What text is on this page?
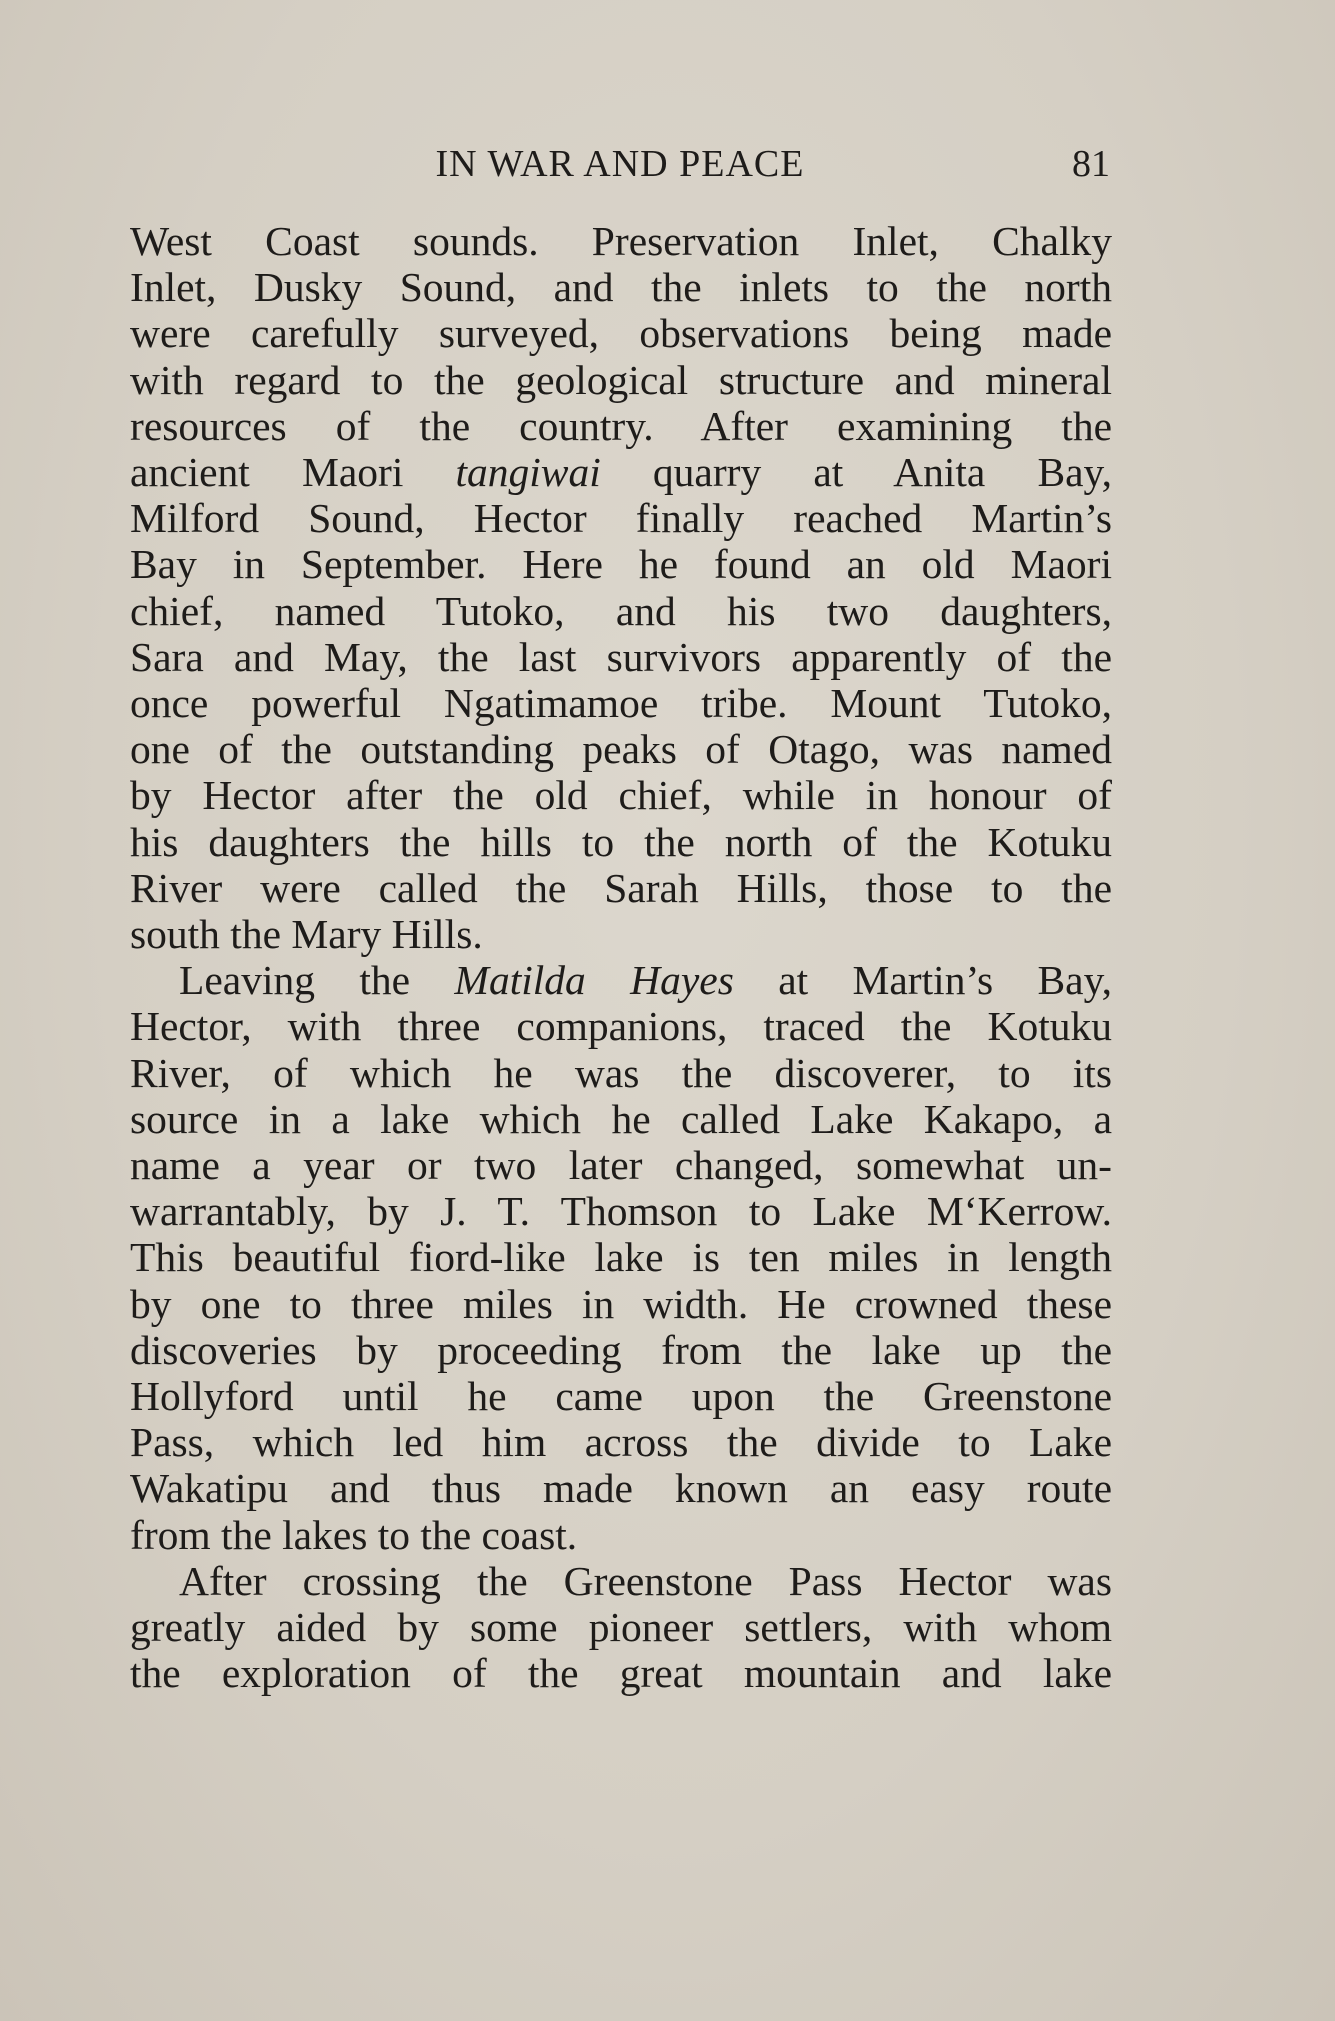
IN WAR AND PEACE	81
West Coast sounds. Preservation Inlet, Chalky
Inlet, Dusky Sound, and the inlets to the north
were carefully surveyed, observations being made
with regard to the geological structure and mineral
resources of the country. After examining the
ancient Maori tangiwai quarry at Anita Bay,
Milford Sound, Hector finally reached Martin’s
Bay in September. Here he found an old Maori
chief, named Tutoko, and his two daughters,
Sara and May, the last survivors apparently of the
once powerful Ngatimamoe tribe. Mount Tutoko,
one of the outstanding peaks of Otago, was named
by Hector after the old chief, while in honour of
his daughters the hills to the north of the Kotuku
River were called the Sarah Hills, those to the
south the Mary Hills.
Leaving the Matilda Hayes at Martin’s Bay,
Hector, with three companions, traced the Kotuku
River, of which he was the discoverer, to its
source in a lake which he called Lake Kakapo, a
name a year or two later changed, somewhat un-
warrantably, by J. T. Thomson to Lake M‘Kerrow.
This beautiful fiord-like lake is ten miles in length
by one to three miles in width. He crowned these
discoveries by proceeding from the lake up the
Hollyford until he came upon the Greenstone
Pass, which led him across the divide to Lake
Wakatipu and thus made known an easy route
from the lakes to the coast.
After crossing the Greenstone Pass Hector was
greatly aided by some pioneer settlers, with whom
the exploration of the great mountain and lake
